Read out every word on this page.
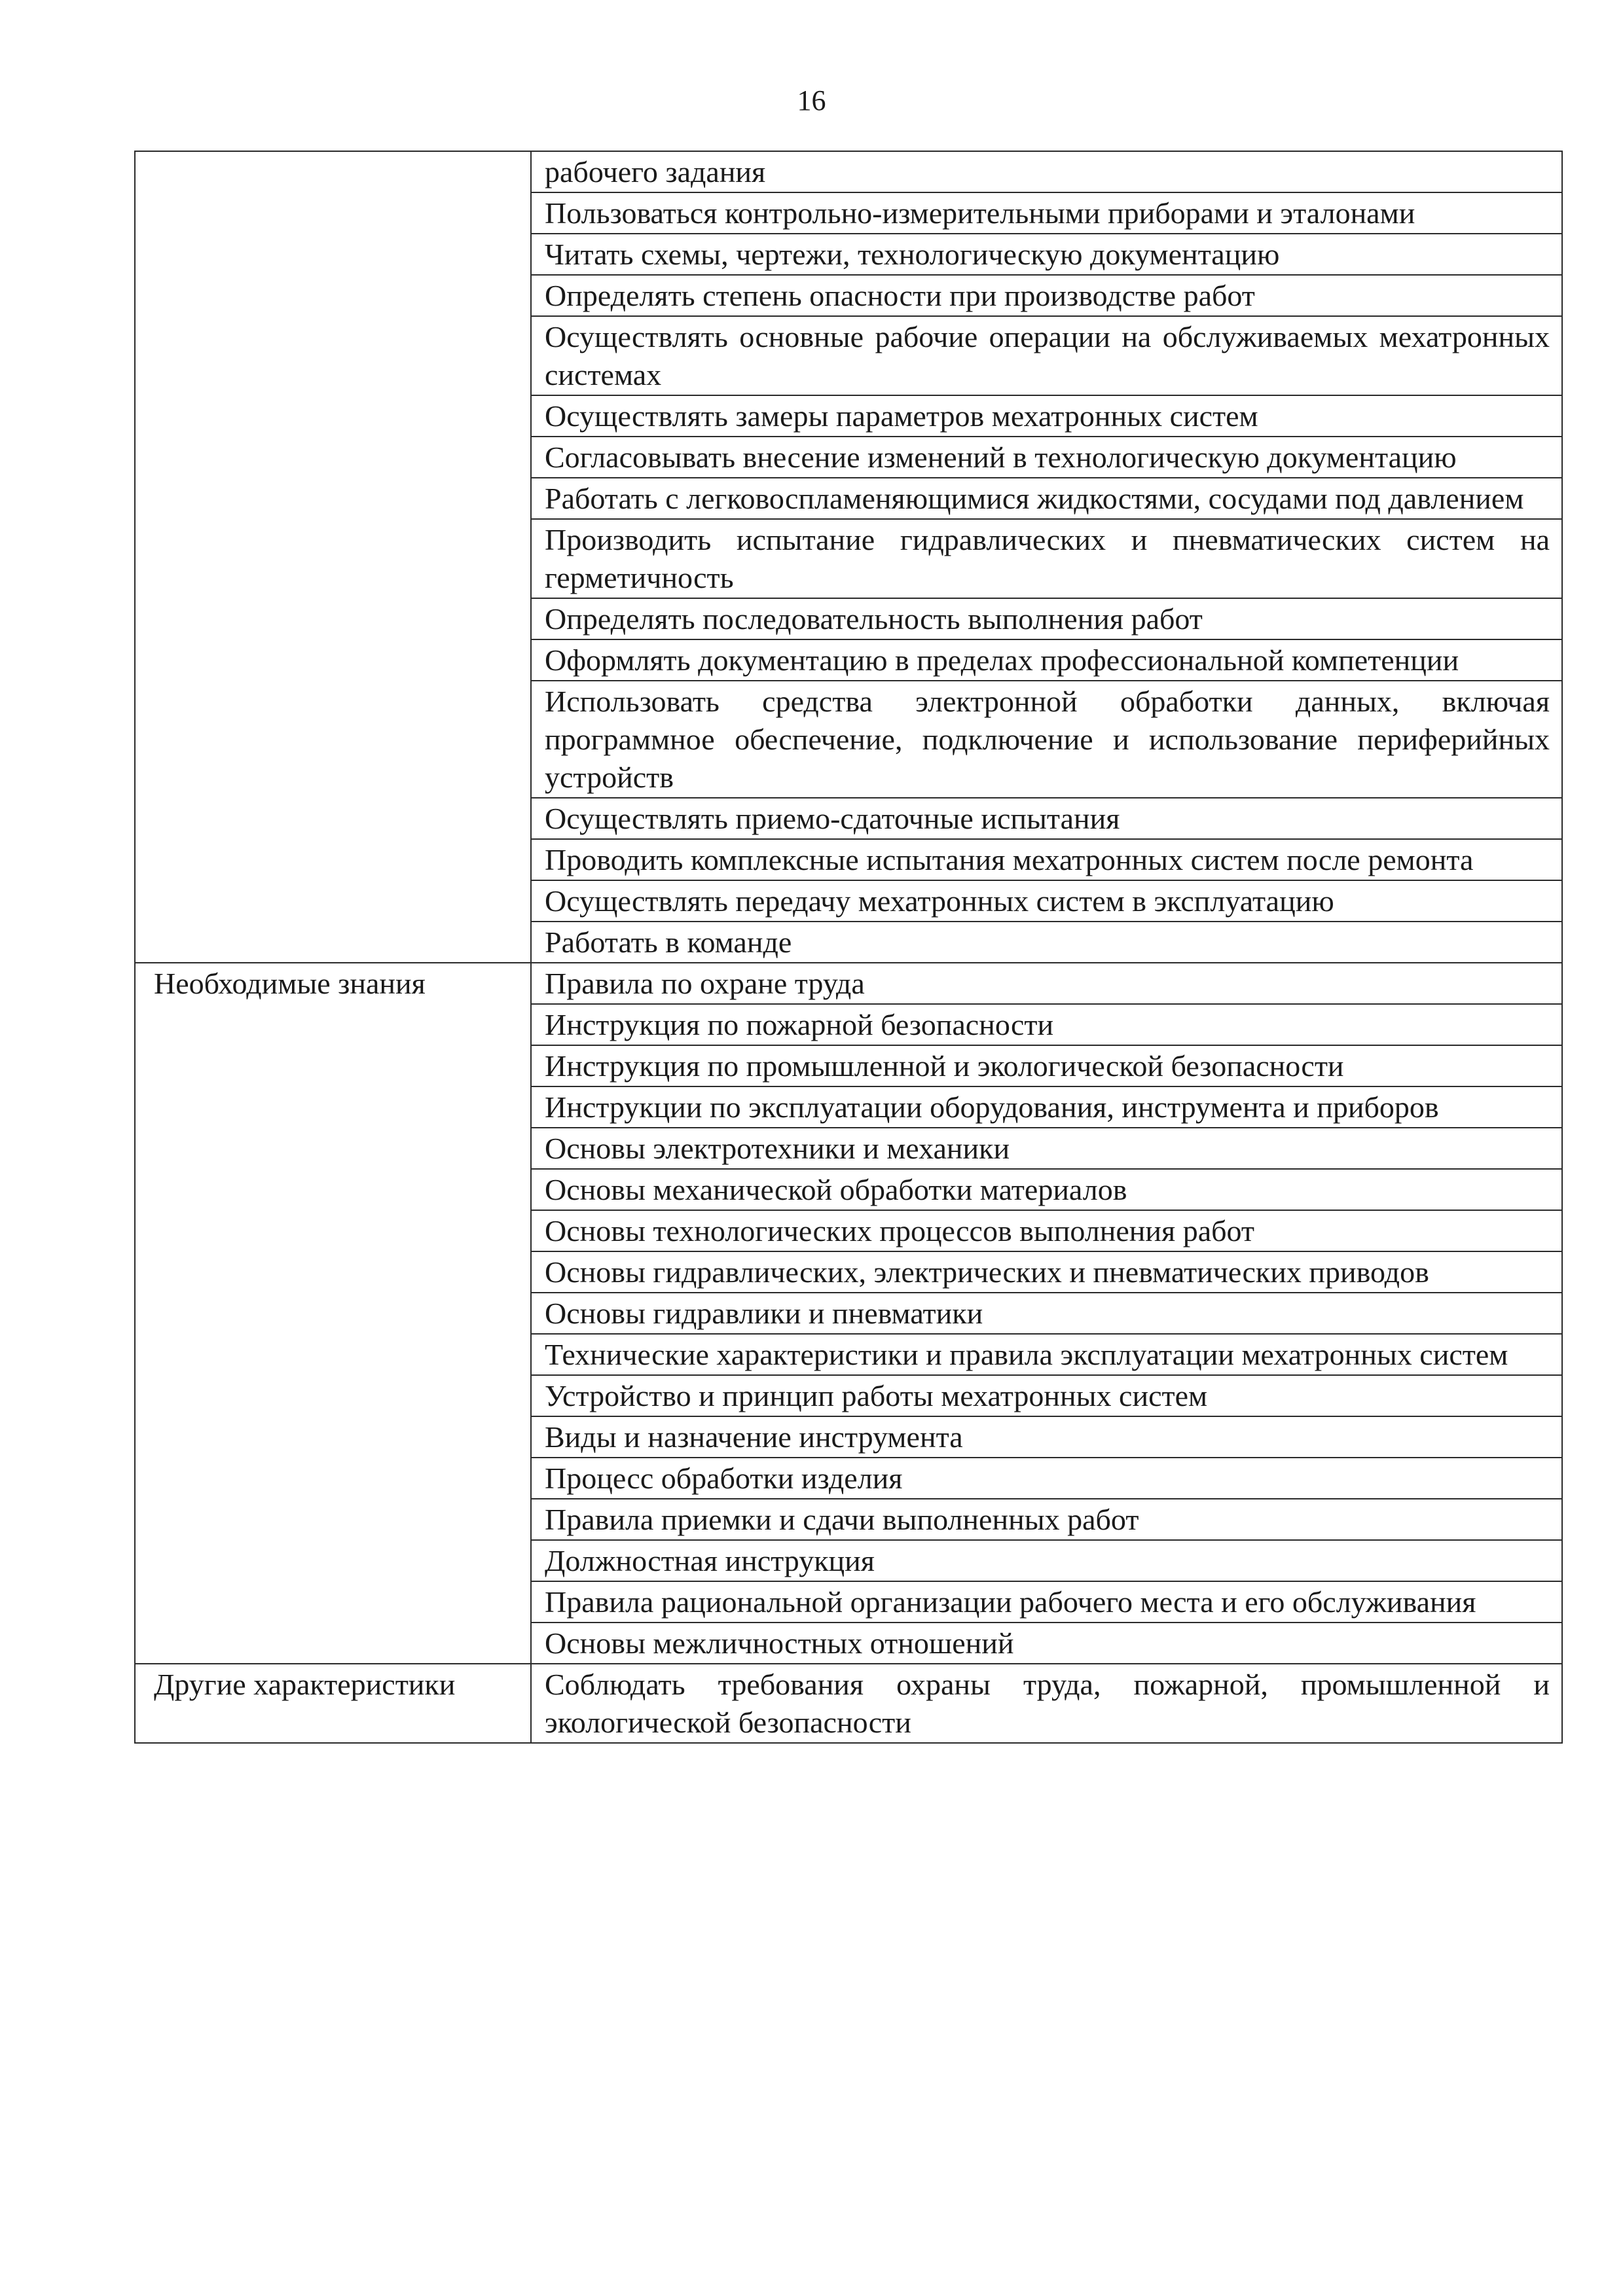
16
	рабочего задания
	Пользоваться контрольно-измерительными приборами и эталонами
	Читать схемы, чертежи, технологическую документацию
	Определять степень опасности при производстве работ
	Осуществлять основные рабочие операции на обслуживаемых мехатронных системах
	Осуществлять замеры параметров мехатронных систем
	Согласовывать внесение изменений в технологическую документацию
	Работать с легковоспламеняющимися жидкостями, сосудами под давлением
	Производить испытание гидравлических и пневматических систем на герметичность
	Определять последовательность выполнения работ
	Оформлять документацию в пределах профессиональной компетенции
	Использовать средства электронной обработки данных, включая программное обеспечение, подключение и использование периферийных устройств
	Осуществлять приемо-сдаточные испытания
	Проводить комплексные испытания мехатронных систем после ремонта
	Осуществлять передачу мехатронных систем в эксплуатацию
	Работать в команде
Необходимые знания	Правила по охране труда
	Инструкция по пожарной безопасности
	Инструкция по промышленной и экологической безопасности
	Инструкции по эксплуатации оборудования, инструмента и приборов
	Основы электротехники и механики
	Основы механической обработки материалов
	Основы технологических процессов выполнения работ
	Основы гидравлических, электрических и пневматических приводов
	Основы гидравлики и пневматики
	Технические характеристики и правила эксплуатации мехатронных систем
	Устройство и принцип работы мехатронных систем
	Виды и назначение инструмента
	Процесс обработки изделия
	Правила приемки и сдачи выполненных работ
	Должностная инструкция
	Правила рациональной организации рабочего места и его обслуживания
	Основы межличностных отношений
Другие характеристики	Соблюдать требования охраны труда, пожарной, промышленной и экологической безопасности
